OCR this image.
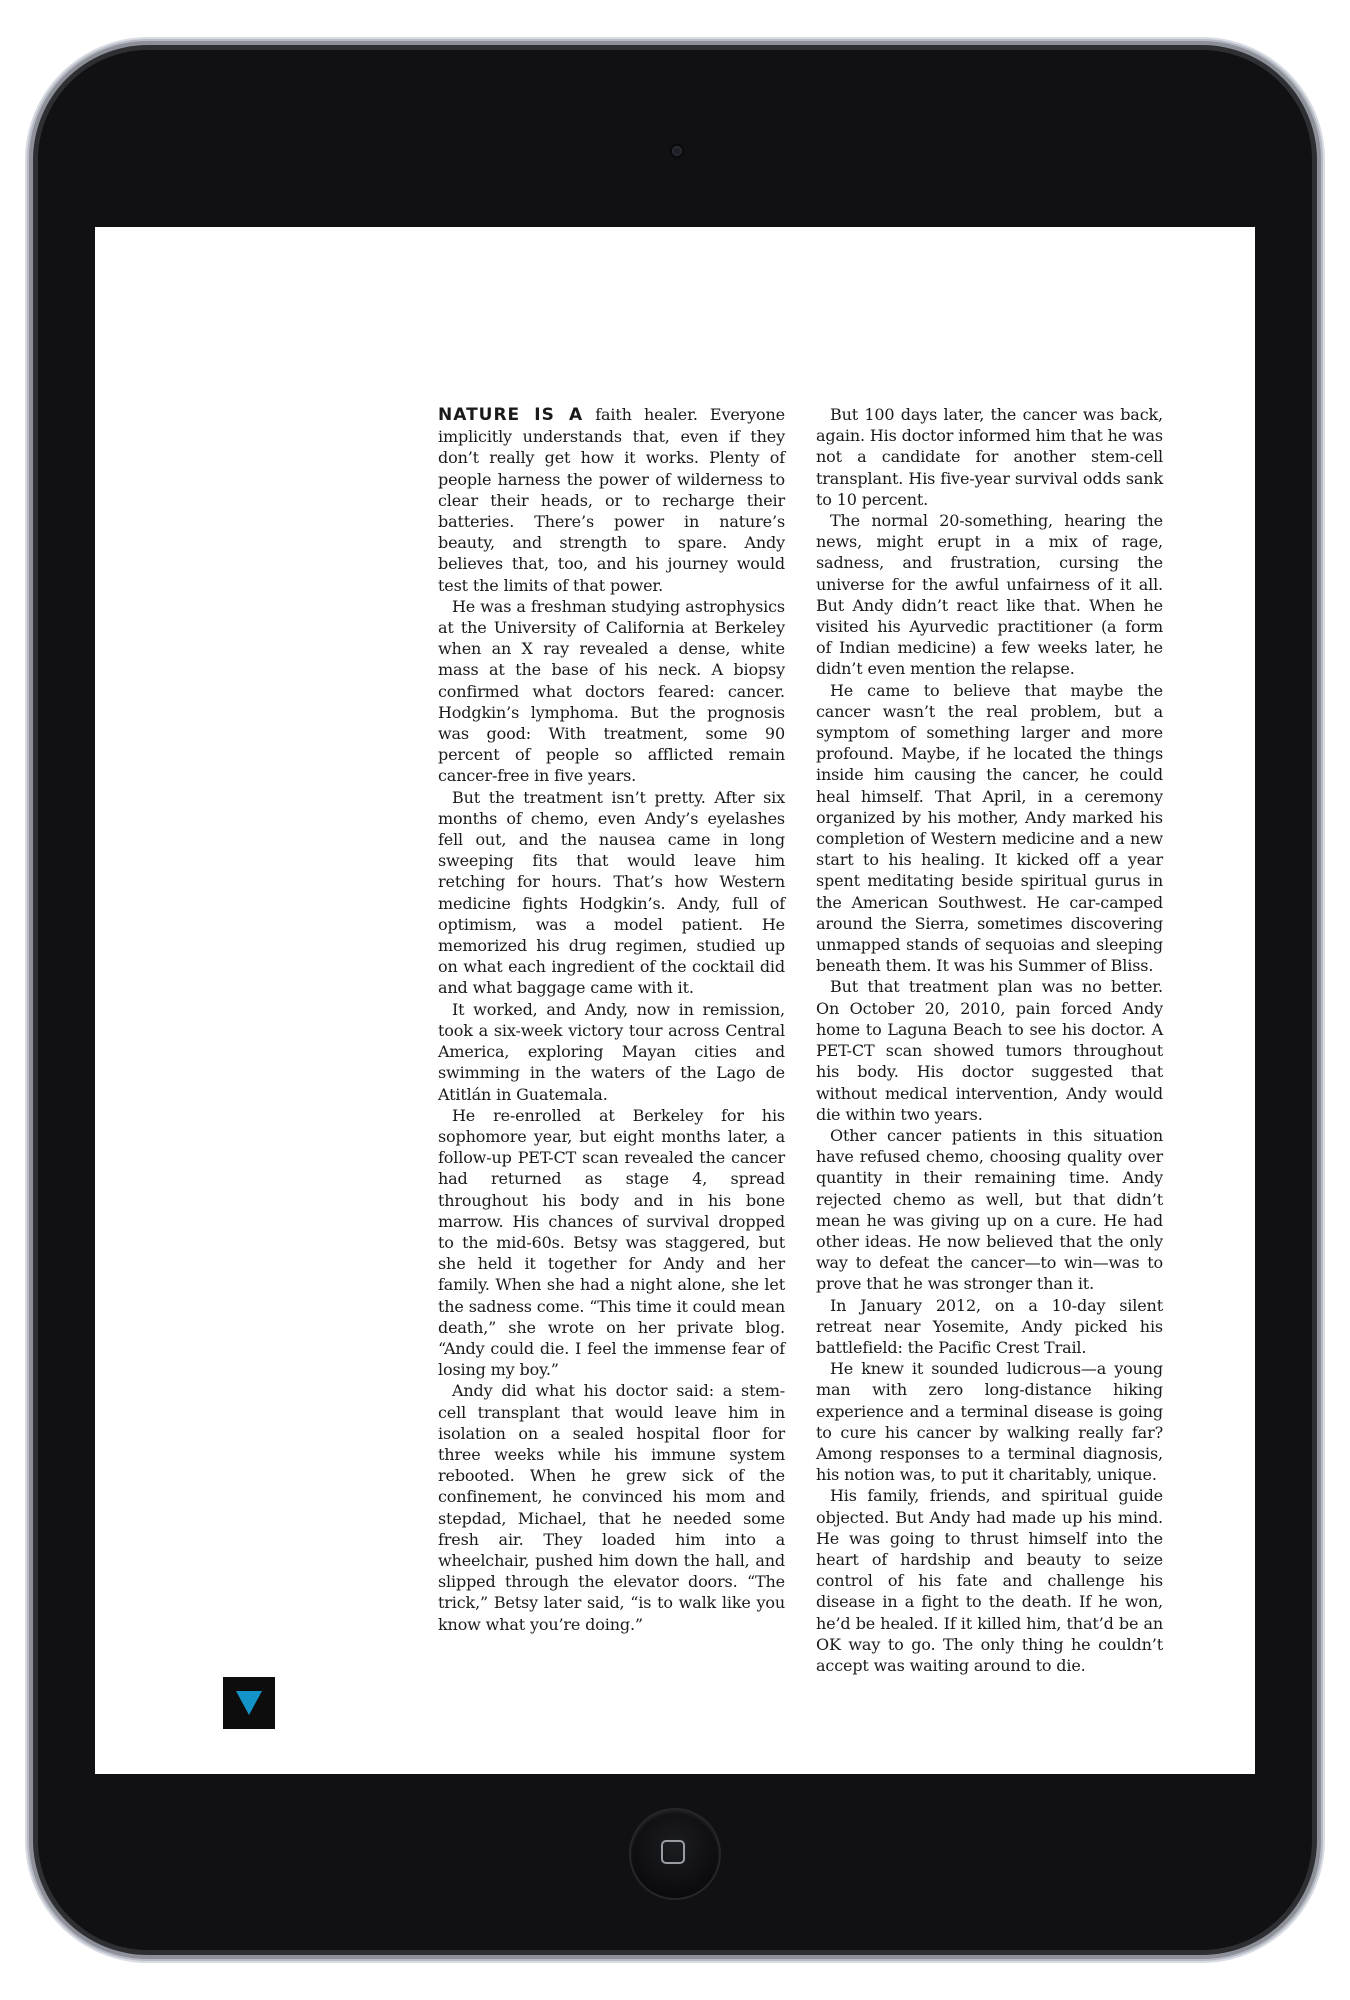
NATURE IS A faith healer. Everyone implicitly understands that, even if they don’t really get how it works. Plenty of people harness the power of wilderness to clear their heads, or to recharge their batteries. There’s power in nature’s beauty, and strength to spare. Andy believes that, too, and his journey would test the limits of that power.

He was a freshman studying astrophysics at the University of California at Berkeley when an X ray revealed a dense, white mass at the base of his neck. A biopsy confirmed what doctors feared: cancer. Hodgkin’s lymphoma. But the prognosis was good: With treatment, some 90 percent of people so afflicted remain cancer-free in five years.

But the treatment isn’t pretty. After six months of chemo, even Andy’s eyelashes fell out, and the nausea came in long sweeping fits that would leave him retching for hours. That’s how Western medicine fights Hodgkin’s. Andy, full of optimism, was a model patient. He memorized his drug regimen, studied up on what each ingredient of the cocktail did and what baggage came with it.

It worked, and Andy, now in remission, took a six-week victory tour across Central America, exploring Mayan cities and swimming in the waters of the Lago de Atitlán in Guatemala.

He re-enrolled at Berkeley for his sophomore year, but eight months later, a follow-up PET-CT scan revealed the cancer had returned as stage 4, spread throughout his body and in his bone marrow. His chances of survival dropped to the mid-60s. Betsy was staggered, but she held it together for Andy and her family. When she had a night alone, she let the sadness come. “This time it could mean death,” she wrote on her private blog. “Andy could die. I feel the immense fear of losing my boy.”

Andy did what his doctor said: a stem-cell transplant that would leave him in isolation on a sealed hospital floor for three weeks while his immune system rebooted. When he grew sick of the confinement, he convinced his mom and stepdad, Michael, that he needed some fresh air. They loaded him into a wheelchair, pushed him down the hall, and slipped through the elevator doors. “The trick,” Betsy later said, “is to walk like you know what you’re doing.”

But 100 days later, the cancer was back, again. His doctor informed him that he was not a candidate for another stem-cell transplant. His five-year survival odds sank to 10 percent.

The normal 20-something, hearing the news, might erupt in a mix of rage, sadness, and frustration, cursing the universe for the awful unfairness of it all. But Andy didn’t react like that. When he visited his Ayurvedic practitioner (a form of Indian medicine) a few weeks later, he didn’t even mention the relapse.

He came to believe that maybe the cancer wasn’t the real problem, but a symptom of something larger and more profound. Maybe, if he located the things inside him causing the cancer, he could heal himself. That April, in a ceremony organized by his mother, Andy marked his completion of Western medicine and a new start to his healing. It kicked off a year spent meditating beside spiritual gurus in the American Southwest. He car-camped around the Sierra, sometimes discovering unmapped stands of sequoias and sleeping beneath them. It was his Summer of Bliss.

But that treatment plan was no better. On October 20, 2010, pain forced Andy home to Laguna Beach to see his doctor. A PET-CT scan showed tumors throughout his body. His doctor suggested that without medical intervention, Andy would die within two years.

Other cancer patients in this situation have refused chemo, choosing quality over quantity in their remaining time. Andy rejected chemo as well, but that didn’t mean he was giving up on a cure. He had other ideas. He now believed that the only way to defeat the cancer—to win—was to prove that he was stronger than it.

In January 2012, on a 10-day silent retreat near Yosemite, Andy picked his battlefield: the Pacific Crest Trail.

He knew it sounded ludicrous—a young man with zero long-distance hiking experience and a terminal disease is going to cure his cancer by walking really far? Among responses to a terminal diagnosis, his notion was, to put it charitably, unique.

His family, friends, and spiritual guide objected. But Andy had made up his mind. He was going to thrust himself into the heart of hardship and beauty to seize control of his fate and challenge his disease in a fight to the death. If he won, he’d be healed. If it killed him, that’d be an OK way to go. The only thing he couldn’t accept was waiting around to die.
